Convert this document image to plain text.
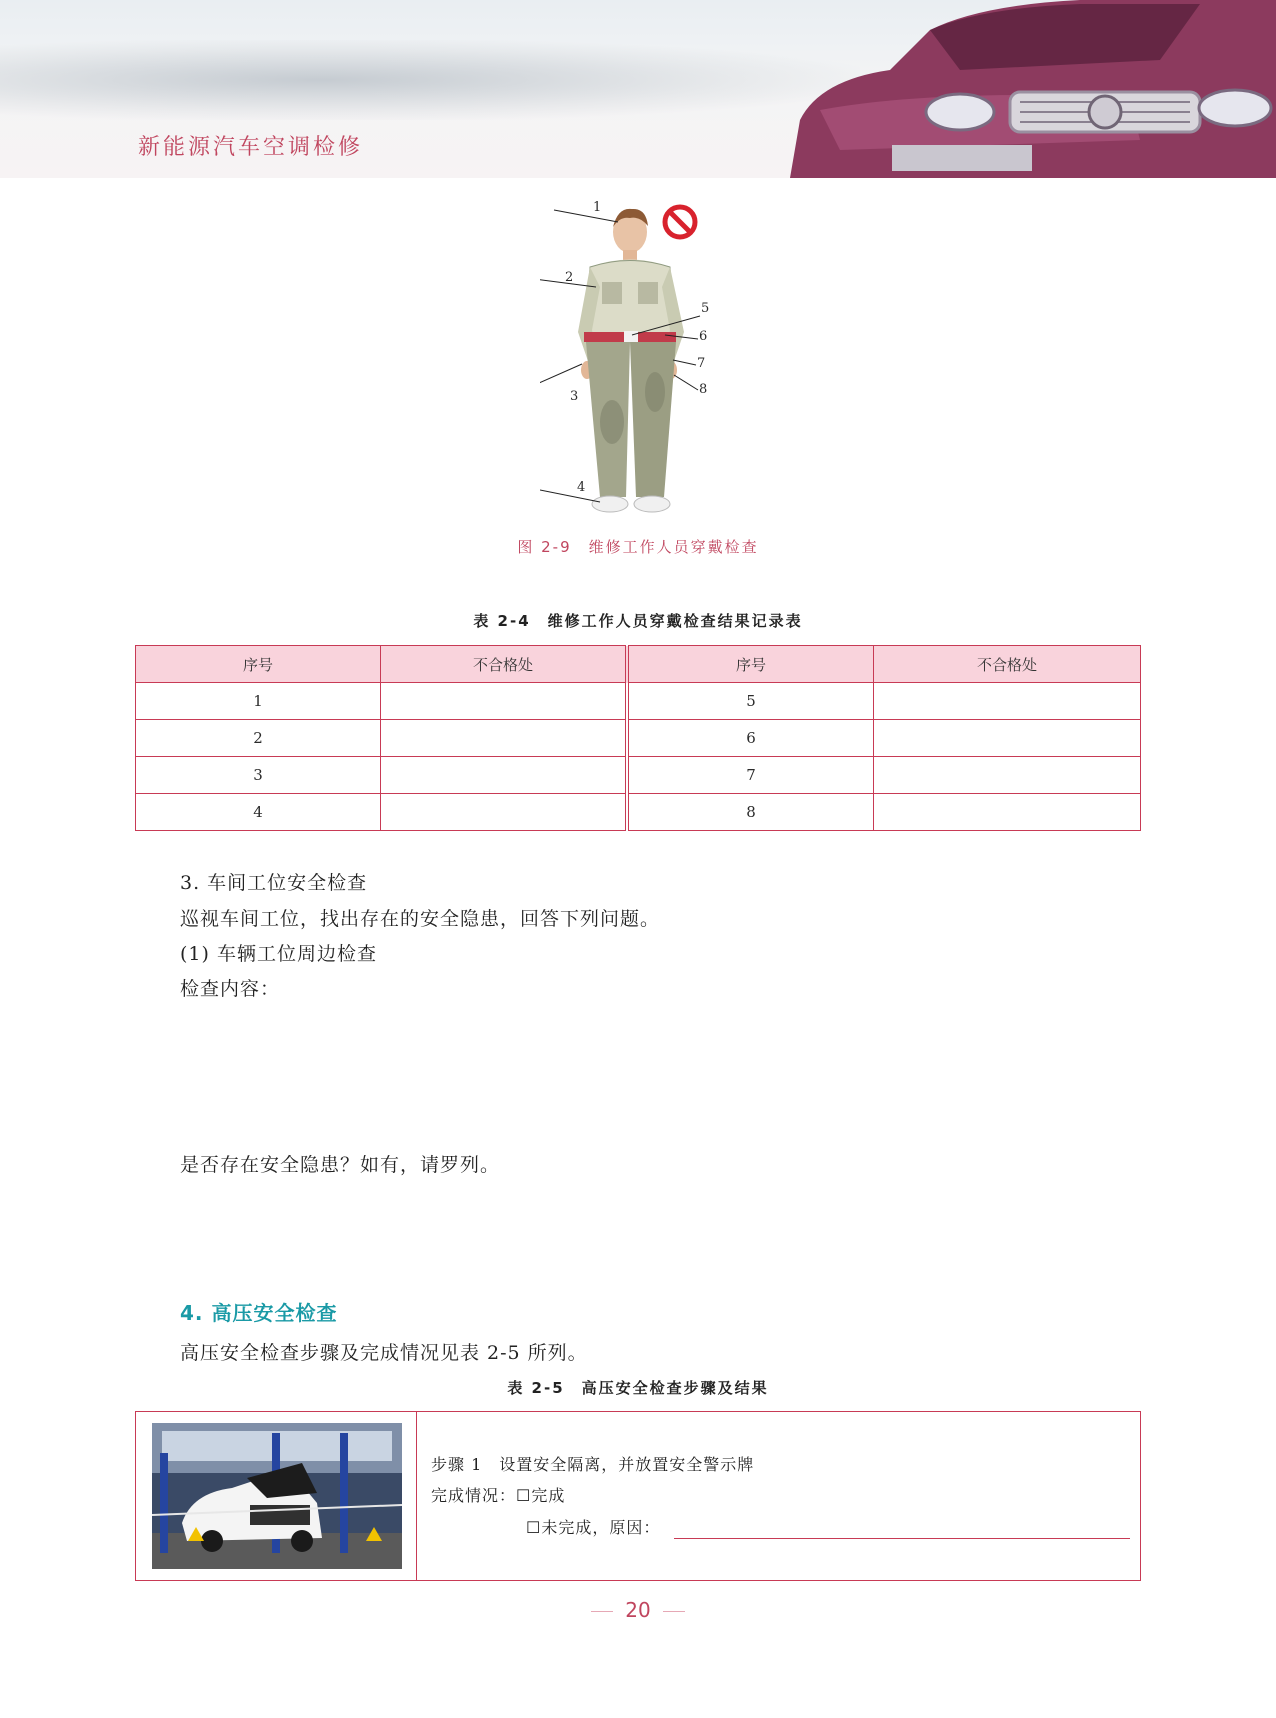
新能源汽车空调检修
1
2
3
4
5
6
7
8
图 2-9　维修工作人员穿戴检查
表 2-4　维修工作人员穿戴检查结果记录表
序号	不合格处	序号	不合格处
1		5	
2		6	
3		7	
4		8	
3. 车间工位安全检查
巡视车间工位，找出存在的安全隐患，回答下列问题。
(1) 车辆工位周边检查
检查内容：
是否存在安全隐患？如有，请罗列。
4. 高压安全检查
高压安全检查步骤及完成情况见表 2-5 所列。
表 2-5　高压安全检查步骤及结果
步骤 1　设置安全隔离，并放置安全警示牌
完成情况：☐完成
☐未完成，原因：
20
